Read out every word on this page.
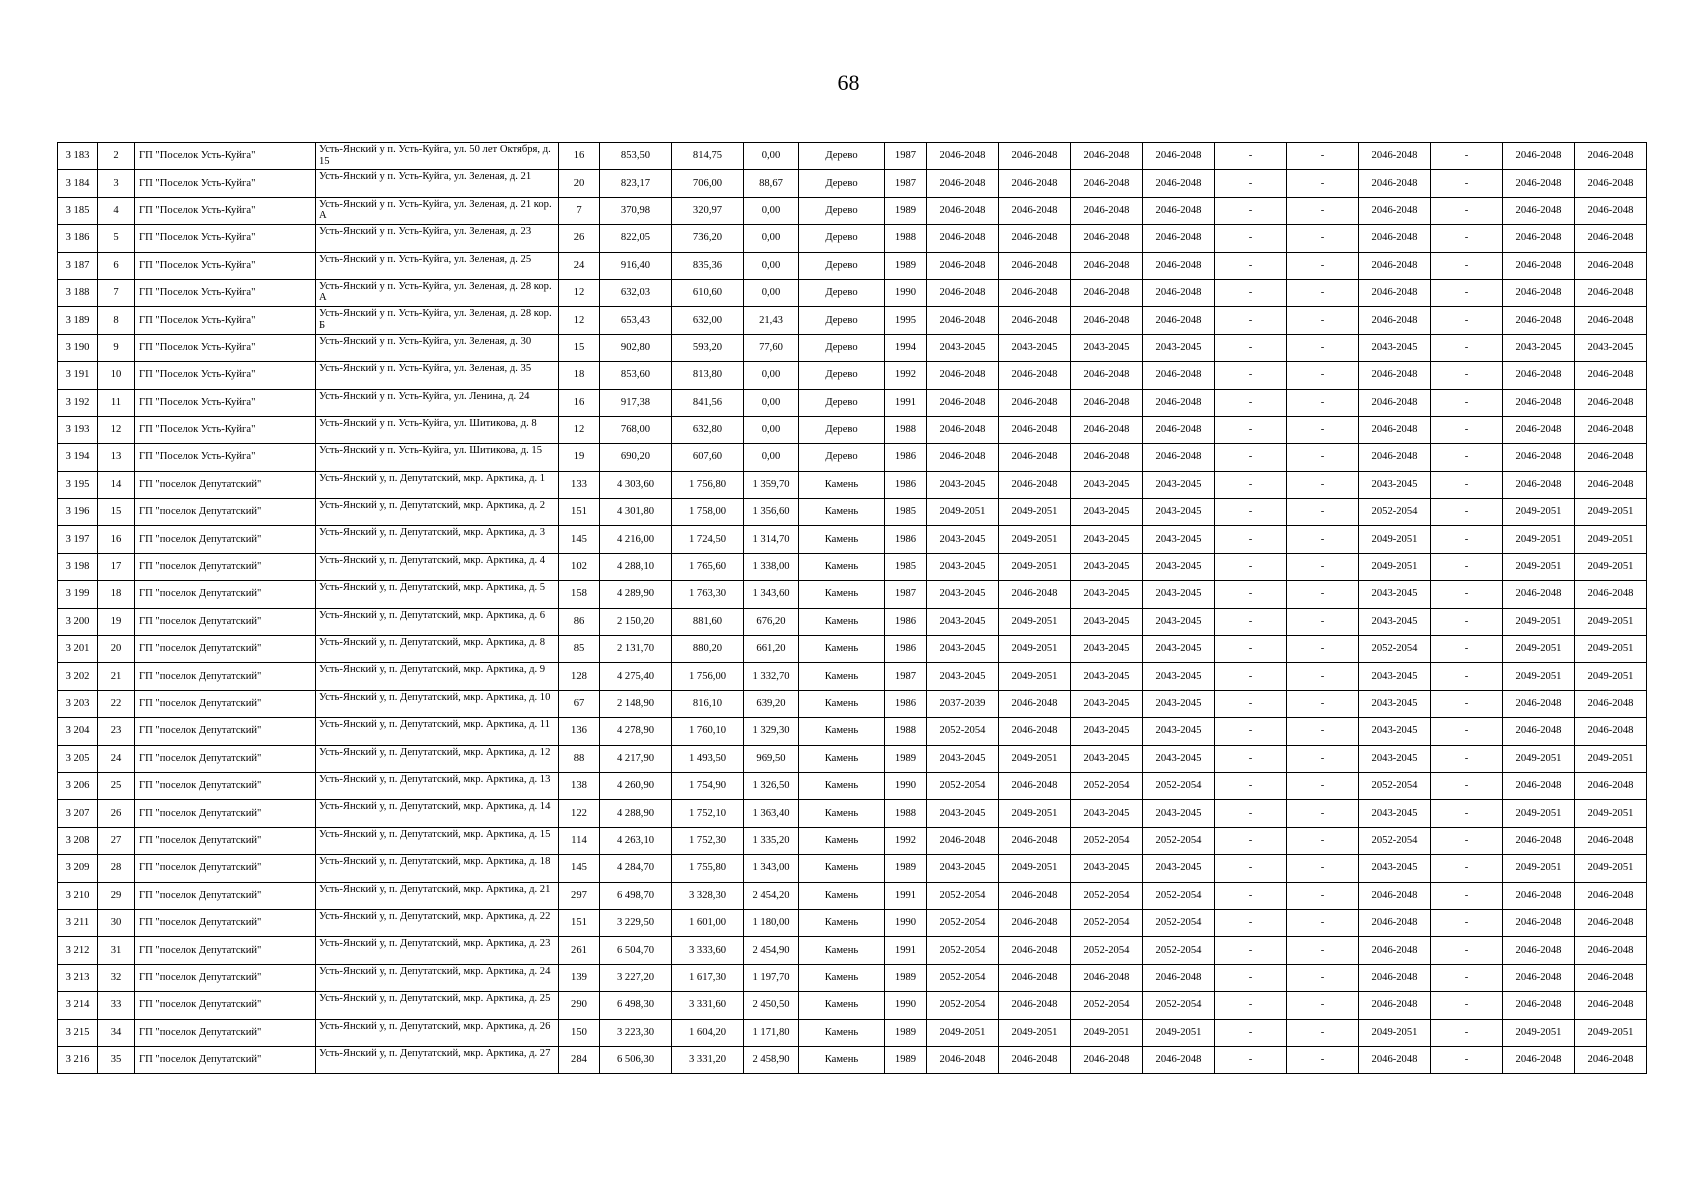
68
3 183	2	ГП "Поселок Усть-Куйга"	Усть-Янский у п. Усть-Куйга, ул. 50 лет Октября, д. 15	16	853,50	814,75	0,00	Дерево	1987	2046-2048	2046-2048	2046-2048	2046-2048	-	-	2046-2048	-	2046-2048	2046-2048
3 184	3	ГП "Поселок Усть-Куйга"	Усть-Янский у п. Усть-Куйга, ул. Зеленая, д. 21	20	823,17	706,00	88,67	Дерево	1987	2046-2048	2046-2048	2046-2048	2046-2048	-	-	2046-2048	-	2046-2048	2046-2048
3 185	4	ГП "Поселок Усть-Куйга"	Усть-Янский у п. Усть-Куйга, ул. Зеленая, д. 21 кор. А	7	370,98	320,97	0,00	Дерево	1989	2046-2048	2046-2048	2046-2048	2046-2048	-	-	2046-2048	-	2046-2048	2046-2048
3 186	5	ГП "Поселок Усть-Куйга"	Усть-Янский у п. Усть-Куйга, ул. Зеленая, д. 23	26	822,05	736,20	0,00	Дерево	1988	2046-2048	2046-2048	2046-2048	2046-2048	-	-	2046-2048	-	2046-2048	2046-2048
3 187	6	ГП "Поселок Усть-Куйга"	Усть-Янский у п. Усть-Куйга, ул. Зеленая, д. 25	24	916,40	835,36	0,00	Дерево	1989	2046-2048	2046-2048	2046-2048	2046-2048	-	-	2046-2048	-	2046-2048	2046-2048
3 188	7	ГП "Поселок Усть-Куйга"	Усть-Янский у п. Усть-Куйга, ул. Зеленая, д. 28 кор. А	12	632,03	610,60	0,00	Дерево	1990	2046-2048	2046-2048	2046-2048	2046-2048	-	-	2046-2048	-	2046-2048	2046-2048
3 189	8	ГП "Поселок Усть-Куйга"	Усть-Янский у п. Усть-Куйга, ул. Зеленая, д. 28 кор. Б	12	653,43	632,00	21,43	Дерево	1995	2046-2048	2046-2048	2046-2048	2046-2048	-	-	2046-2048	-	2046-2048	2046-2048
3 190	9	ГП "Поселок Усть-Куйга"	Усть-Янский у п. Усть-Куйга, ул. Зеленая, д. 30	15	902,80	593,20	77,60	Дерево	1994	2043-2045	2043-2045	2043-2045	2043-2045	-	-	2043-2045	-	2043-2045	2043-2045
3 191	10	ГП "Поселок Усть-Куйга"	Усть-Янский у п. Усть-Куйга, ул. Зеленая, д. 35	18	853,60	813,80	0,00	Дерево	1992	2046-2048	2046-2048	2046-2048	2046-2048	-	-	2046-2048	-	2046-2048	2046-2048
3 192	11	ГП "Поселок Усть-Куйга"	Усть-Янский у п. Усть-Куйга, ул. Ленина, д. 24	16	917,38	841,56	0,00	Дерево	1991	2046-2048	2046-2048	2046-2048	2046-2048	-	-	2046-2048	-	2046-2048	2046-2048
3 193	12	ГП "Поселок Усть-Куйга"	Усть-Янский у п. Усть-Куйга, ул. Шитикова, д. 8	12	768,00	632,80	0,00	Дерево	1988	2046-2048	2046-2048	2046-2048	2046-2048	-	-	2046-2048	-	2046-2048	2046-2048
3 194	13	ГП "Поселок Усть-Куйга"	Усть-Янский у п. Усть-Куйга, ул. Шитикова, д. 15	19	690,20	607,60	0,00	Дерево	1986	2046-2048	2046-2048	2046-2048	2046-2048	-	-	2046-2048	-	2046-2048	2046-2048
3 195	14	ГП "поселок Депутатский"	Усть-Янский у, п. Депутатский, мкр. Арктика, д. 1	133	4 303,60	1 756,80	1 359,70	Камень	1986	2043-2045	2046-2048	2043-2045	2043-2045	-	-	2043-2045	-	2046-2048	2046-2048
3 196	15	ГП "поселок Депутатский"	Усть-Янский у, п. Депутатский, мкр. Арктика, д. 2	151	4 301,80	1 758,00	1 356,60	Камень	1985	2049-2051	2049-2051	2043-2045	2043-2045	-	-	2052-2054	-	2049-2051	2049-2051
3 197	16	ГП "поселок Депутатский"	Усть-Янский у, п. Депутатский, мкр. Арктика, д. 3	145	4 216,00	1 724,50	1 314,70	Камень	1986	2043-2045	2049-2051	2043-2045	2043-2045	-	-	2049-2051	-	2049-2051	2049-2051
3 198	17	ГП "поселок Депутатский"	Усть-Янский у, п. Депутатский, мкр. Арктика, д. 4	102	4 288,10	1 765,60	1 338,00	Камень	1985	2043-2045	2049-2051	2043-2045	2043-2045	-	-	2049-2051	-	2049-2051	2049-2051
3 199	18	ГП "поселок Депутатский"	Усть-Янский у, п. Депутатский, мкр. Арктика, д. 5	158	4 289,90	1 763,30	1 343,60	Камень	1987	2043-2045	2046-2048	2043-2045	2043-2045	-	-	2043-2045	-	2046-2048	2046-2048
3 200	19	ГП "поселок Депутатский"	Усть-Янский у, п. Депутатский, мкр. Арктика, д. 6	86	2 150,20	881,60	676,20	Камень	1986	2043-2045	2049-2051	2043-2045	2043-2045	-	-	2043-2045	-	2049-2051	2049-2051
3 201	20	ГП "поселок Депутатский"	Усть-Янский у, п. Депутатский, мкр. Арктика, д. 8	85	2 131,70	880,20	661,20	Камень	1986	2043-2045	2049-2051	2043-2045	2043-2045	-	-	2052-2054	-	2049-2051	2049-2051
3 202	21	ГП "поселок Депутатский"	Усть-Янский у, п. Депутатский, мкр. Арктика, д. 9	128	4 275,40	1 756,00	1 332,70	Камень	1987	2043-2045	2049-2051	2043-2045	2043-2045	-	-	2043-2045	-	2049-2051	2049-2051
3 203	22	ГП "поселок Депутатский"	Усть-Янский у, п. Депутатский, мкр. Арктика, д. 10	67	2 148,90	816,10	639,20	Камень	1986	2037-2039	2046-2048	2043-2045	2043-2045	-	-	2043-2045	-	2046-2048	2046-2048
3 204	23	ГП "поселок Депутатский"	Усть-Янский у, п. Депутатский, мкр. Арктика, д. 11	136	4 278,90	1 760,10	1 329,30	Камень	1988	2052-2054	2046-2048	2043-2045	2043-2045	-	-	2043-2045	-	2046-2048	2046-2048
3 205	24	ГП "поселок Депутатский"	Усть-Янский у, п. Депутатский, мкр. Арктика, д. 12	88	4 217,90	1 493,50	969,50	Камень	1989	2043-2045	2049-2051	2043-2045	2043-2045	-	-	2043-2045	-	2049-2051	2049-2051
3 206	25	ГП "поселок Депутатский"	Усть-Янский у, п. Депутатский, мкр. Арктика, д. 13	138	4 260,90	1 754,90	1 326,50	Камень	1990	2052-2054	2046-2048	2052-2054	2052-2054	-	-	2052-2054	-	2046-2048	2046-2048
3 207	26	ГП "поселок Депутатский"	Усть-Янский у, п. Депутатский, мкр. Арктика, д. 14	122	4 288,90	1 752,10	1 363,40	Камень	1988	2043-2045	2049-2051	2043-2045	2043-2045	-	-	2043-2045	-	2049-2051	2049-2051
3 208	27	ГП "поселок Депутатский"	Усть-Янский у, п. Депутатский, мкр. Арктика, д. 15	114	4 263,10	1 752,30	1 335,20	Камень	1992	2046-2048	2046-2048	2052-2054	2052-2054	-	-	2052-2054	-	2046-2048	2046-2048
3 209	28	ГП "поселок Депутатский"	Усть-Янский у, п. Депутатский, мкр. Арктика, д. 18	145	4 284,70	1 755,80	1 343,00	Камень	1989	2043-2045	2049-2051	2043-2045	2043-2045	-	-	2043-2045	-	2049-2051	2049-2051
3 210	29	ГП "поселок Депутатский"	Усть-Янский у, п. Депутатский, мкр. Арктика, д. 21	297	6 498,70	3 328,30	2 454,20	Камень	1991	2052-2054	2046-2048	2052-2054	2052-2054	-	-	2046-2048	-	2046-2048	2046-2048
3 211	30	ГП "поселок Депутатский"	Усть-Янский у, п. Депутатский, мкр. Арктика, д. 22	151	3 229,50	1 601,00	1 180,00	Камень	1990	2052-2054	2046-2048	2052-2054	2052-2054	-	-	2046-2048	-	2046-2048	2046-2048
3 212	31	ГП "поселок Депутатский"	Усть-Янский у, п. Депутатский, мкр. Арктика, д. 23	261	6 504,70	3 333,60	2 454,90	Камень	1991	2052-2054	2046-2048	2052-2054	2052-2054	-	-	2046-2048	-	2046-2048	2046-2048
3 213	32	ГП "поселок Депутатский"	Усть-Янский у, п. Депутатский, мкр. Арктика, д. 24	139	3 227,20	1 617,30	1 197,70	Камень	1989	2052-2054	2046-2048	2046-2048	2046-2048	-	-	2046-2048	-	2046-2048	2046-2048
3 214	33	ГП "поселок Депутатский"	Усть-Янский у, п. Депутатский, мкр. Арктика, д. 25	290	6 498,30	3 331,60	2 450,50	Камень	1990	2052-2054	2046-2048	2052-2054	2052-2054	-	-	2046-2048	-	2046-2048	2046-2048
3 215	34	ГП "поселок Депутатский"	Усть-Янский у, п. Депутатский, мкр. Арктика, д. 26	150	3 223,30	1 604,20	1 171,80	Камень	1989	2049-2051	2049-2051	2049-2051	2049-2051	-	-	2049-2051	-	2049-2051	2049-2051
3 216	35	ГП "поселок Депутатский"	Усть-Янский у, п. Депутатский, мкр. Арктика, д. 27	284	6 506,30	3 331,20	2 458,90	Камень	1989	2046-2048	2046-2048	2046-2048	2046-2048	-	-	2046-2048	-	2046-2048	2046-2048
